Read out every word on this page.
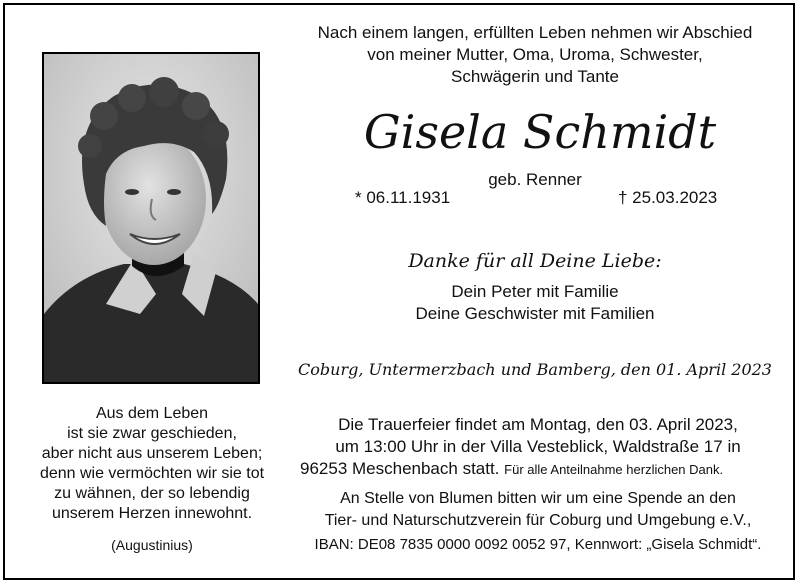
Nach einem langen, erfüllten Leben nehmen wir Abschied
von meiner Mutter, Oma, Uroma, Schwester,
Schwägerin und Tante
Gisela Schmidt
geb. Renner
* 06.11.1931	† 25.03.2023
Danke für all Deine Liebe:
Dein Peter mit Familie
Deine Geschwister mit Familien
Coburg, Untermerzbach und Bamberg, den 01. April 2023
Aus dem Leben
ist sie zwar geschieden,
aber nicht aus unserem Leben;
denn wie vermöchten wir sie tot
zu wähnen, der so lebendig
unserem Herzen innewohnt.
(Augustinius)
Die Trauerfeier findet am Montag, den 03. April 2023,
um 13:00 Uhr in der Villa Vesteblick, Waldstraße 17 in
96253 Meschenbach statt. Für alle Anteilnahme herzlichen Dank.
An Stelle von Blumen bitten wir um eine Spende an den
Tier- und Naturschutzverein für Coburg und Umgebung e.V.,
IBAN: DE08 7835 0000 0092 0052 97, Kennwort: „Gisela Schmidt“.
